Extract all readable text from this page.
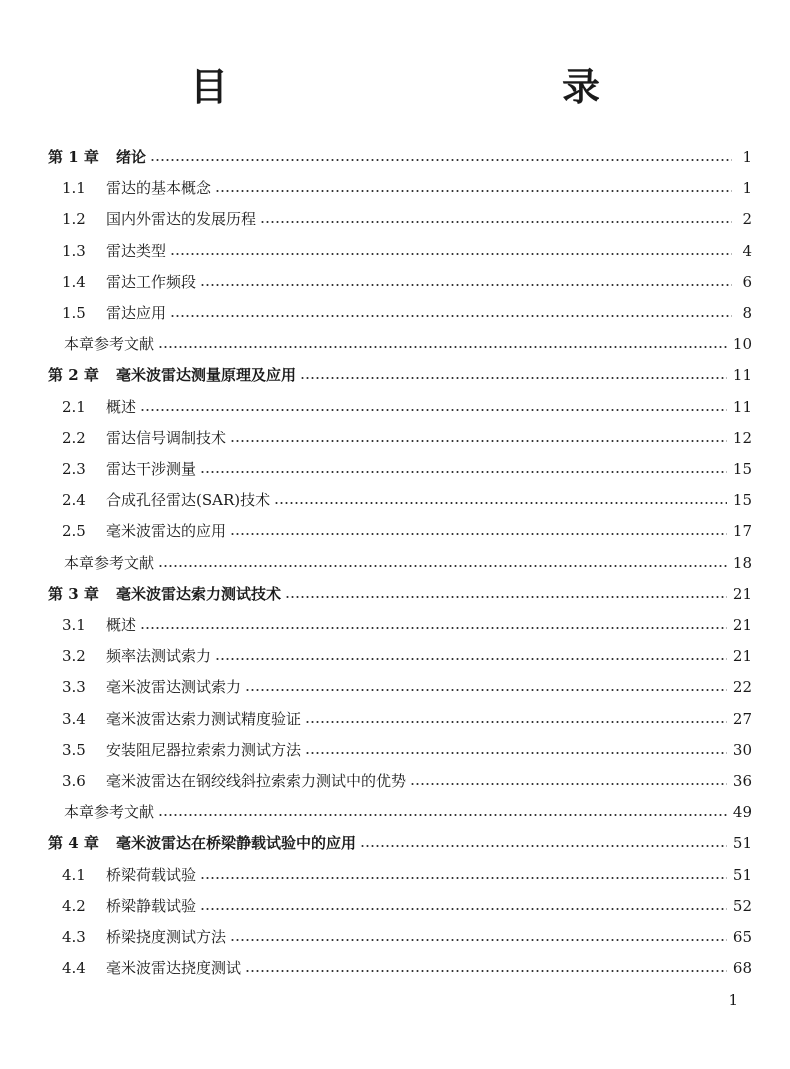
目　　录
第 1 章	绪论	1
1.1	雷达的基本概念	1
1.2	国内外雷达的发展历程	2
1.3	雷达类型	4
1.4	雷达工作频段	6
1.5	雷达应用	8
本章参考文献	10
第 2 章	毫米波雷达测量原理及应用	11
2.1	概述	11
2.2	雷达信号调制技术	12
2.3	雷达干涉测量	15
2.4	合成孔径雷达(SAR)技术	15
2.5	毫米波雷达的应用	17
本章参考文献	18
第 3 章	毫米波雷达索力测试技术	21
3.1	概述	21
3.2	频率法测试索力	21
3.3	毫米波雷达测试索力	22
3.4	毫米波雷达索力测试精度验证	27
3.5	安装阻尼器拉索索力测试方法	30
3.6	毫米波雷达在钢绞线斜拉索索力测试中的优势	36
本章参考文献	49
第 4 章	毫米波雷达在桥梁静载试验中的应用	51
4.1	桥梁荷载试验	51
4.2	桥梁静载试验	52
4.3	桥梁挠度测试方法	65
4.4	毫米波雷达挠度测试	68
1
